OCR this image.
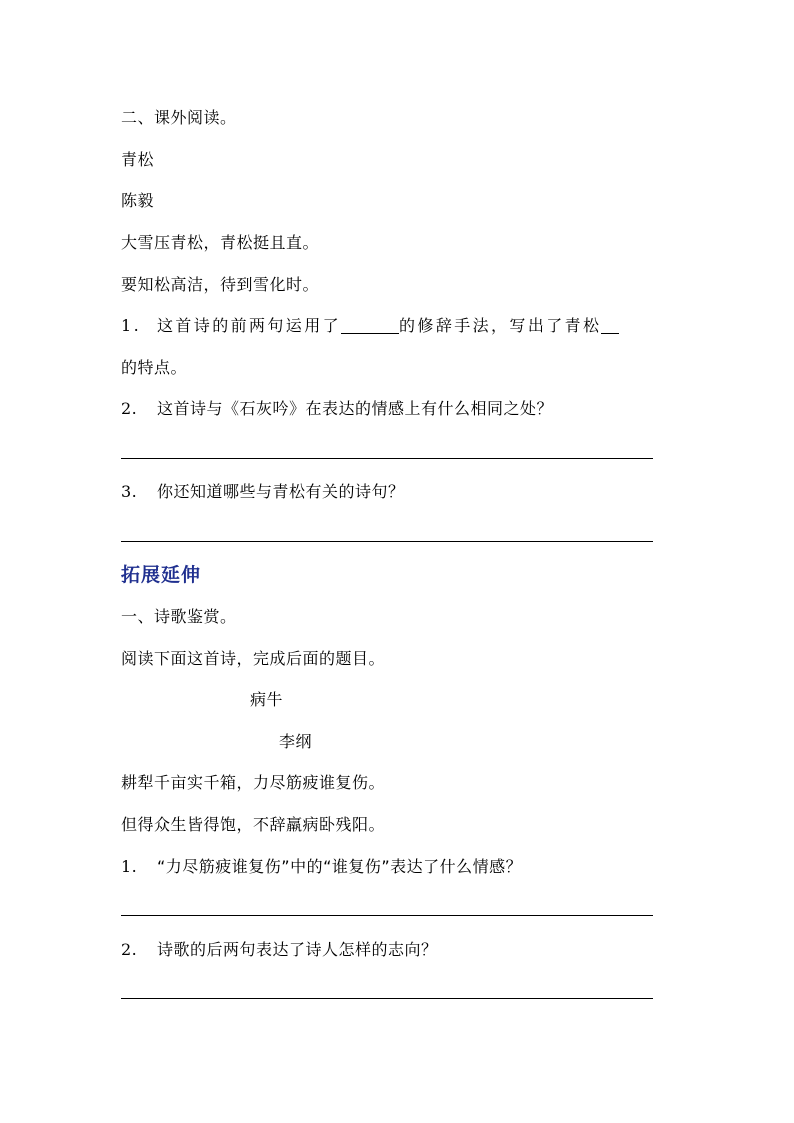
二、课外阅读。
青松
陈毅
大雪压青松，青松挺且直。
要知松高洁，待到雪化时。
1. 这首诗的前两句运用了	的修辞手法，写出了青松
的特点。
2. 这首诗与《石灰吟》在表达的情感上有什么相同之处？
3. 你还知道哪些与青松有关的诗句？
拓展延伸
一、诗歌鉴赏。
阅读下面这首诗，完成后面的题目。
病牛
李纲
耕犁千亩实千箱，力尽筋疲谁复伤。
但得众生皆得饱，不辞羸病卧残阳。
1. “力尽筋疲谁复伤”中的“谁复伤”表达了什么情感？
2. 诗歌的后两句表达了诗人怎样的志向？
